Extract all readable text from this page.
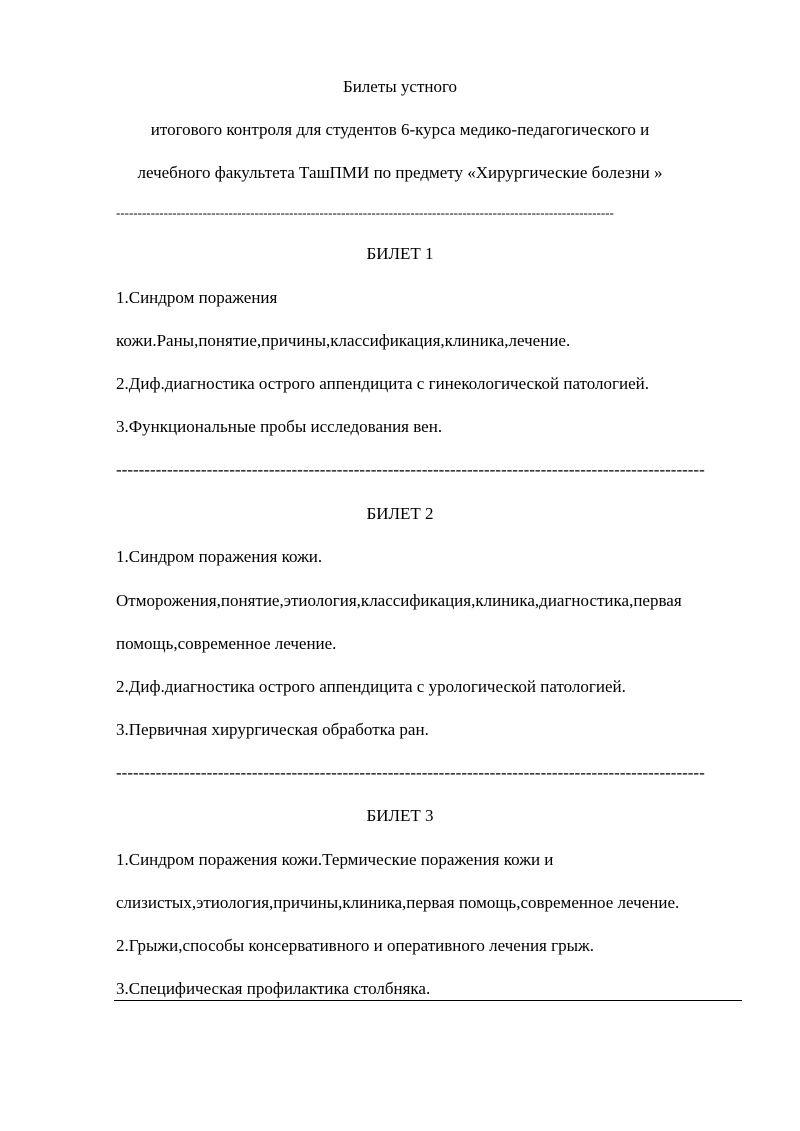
Билеты устного

итогового контроля для студентов 6-курса медико-педагогического и

лечебного факультета ТашПМИ по предмету «Хирургические болезни »

-------------------------------------------------------------------------------------------------------------------

БИЛЕТ 1

1.Синдром поражения

кожи.Раны,понятие,причины,классификация,клиника,лечение.

2.Диф.диагностика острого аппендицита с гинекологической патологией.

3.Функциональные пробы исследования вен.

--------------------------------------------------------------------------------------------------------

БИЛЕТ 2

1.Синдром поражения кожи.

Отморожения,понятие,этиология,классификация,клиника,диагностика,первая

помощь,современное лечение.

2.Диф.диагностика острого аппендицита с урологической патологией.

3.Первичная хирургическая обработка ран.

--------------------------------------------------------------------------------------------------------

БИЛЕТ 3

1.Синдром поражения кожи.Термические поражения кожи и

слизистых,этиология,причины,клиника,первая помощь,современное лечение.

2.Грыжи,способы консервативного и оперативного лечения грыж.

3.Специфическая профилактика столбняка.
